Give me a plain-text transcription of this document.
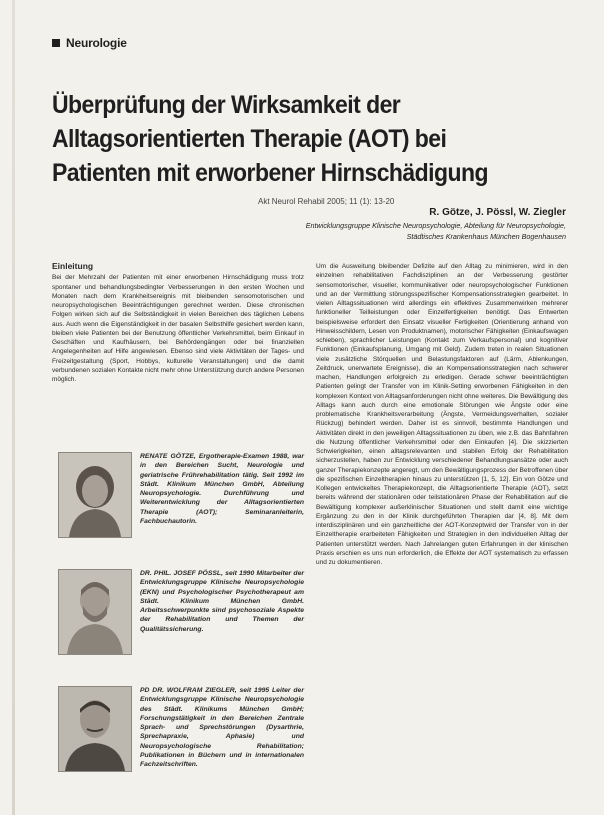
Neurologie
Überprüfung der Wirksamkeit der Alltagsorientierten Therapie (AOT) bei Patienten mit erworbener Hirnschädigung
Akt Neurol Rehabil 2005; 11 (1): 13-20
R. Götze, J. Pössl, W. Ziegler
Entwicklungsgruppe Klinische Neuropsychologie, Abteilung für Neuropsychologie,
Städtisches Krankenhaus München Bogenhausen
Einleitung

Bei der Mehrzahl der Patienten mit einer erworbenen Hirnschädigung muss trotz spontaner und behandlungsbedingter Verbesserungen in den ersten Wochen und Monaten nach dem Krankheitsereignis mit bleibenden sensomotorischen und neuropsychologischen Beeinträchtigungen gerechnet werden. Diese chronischen Folgen wirken sich auf die Selbständigkeit in vielen Bereichen des täglichen Lebens aus. Auch wenn die Eigenständigkeit in der basalen Selbsthilfe gesichert werden kann, bleiben viele Patienten bei der Benutzung öffentlicher Verkehrsmittel, beim Einkauf in Geschäften und Kaufhäusern, bei Behördengängen oder bei finanziellen Angelegenheiten auf Hilfe angewiesen. Ebenso sind viele Aktivitäten der Tages- und Freizeitgestaltung (Sport, Hobbys, kulturelle Veranstaltungen) und die damit verbundenen sozialen Kontakte nicht mehr ohne Unterstützung durch andere Personen möglich.

Um die Ausweitung bleibender Defizite auf den Alltag zu minimieren, wird in den einzelnen rehabilitativen Fachdisziplinen an der Verbesserung gestörter sensomotorischer, visueller, kommunikativer oder neuropsychologischer Funktionen und an der Vermittlung störungsspezifischer Kompensationsstrategien gearbeitet. In vielen Alltagssituationen wird allerdings ein effektives Zusammenwirken mehrerer funktioneller Teilleistungen oder Einzelfertigkeiten benötigt. Das Entwerten beispielsweise erfordert den Einsatz visueller Fertigkeiten (Orientierung anhand von Hinweisschildern, Lesen von Produktnamen), motorischer Fähigkeiten (Einkaufswagen schieben), sprachlicher Leistungen (Kontakt zum Verkaufspersonal) und kognitiver Funktionen (Einkaufsplanung, Umgang mit Geld). Zudem treten in realen Situationen viele zusätzliche Störquellen und Belastungsfaktoren auf (Lärm, Ablenkungen, Zeitdruck, unerwartete Ereignisse), die an Kompensationsstrategien nach schwerer machen, Handlungen erfolgreich zu erledigen. Gerade schwer beeinträchtigten Patienten gelingt der Transfer von im Klinik-Setting erworbenen Fähigkeiten in den komplexen Kontext von Alltagsanforderungen nicht ohne weiteres. Die Bewältigung des Alltags kann auch durch eine emotionale Störungen wie Ängste oder eine problematische Krankheitsverarbeitung (Ängste, Vermeidungsverhalten, sozialer Rückzug) behindert werden. Daher ist es sinnvoll, bestimmte Handlungen und Aktivitäten direkt in den jeweiligen Alltagssituationen zu üben, wie z.B. das Bahnfahren die Nutzung öffentlicher Verkehrsmittel oder den Einkaufen [4]. Die skizzierten Schwierigkeiten, einen alltagsrelevanten und stabilen Erfolg der Rehabilitation sicherzustellen, haben zur Entwicklung verschiedener Behandlungsansätze oder auch ganzer Therapiekonzepte angeregt, um den Bewältigungsprozess der Betroffenen über die spezifischen Einzeltherapien hinaus zu unterstützen [1, 5, 12]. Ein von Götze und Kollegen entwickeltes Therapiekonzept, die Alltagsorientierte Therapie (AOT), setzt bereits während der stationären oder teilstationären Phase der Rehabilitation auf die Bewältigung komplexer außerklinischer Situationen und stellt damit eine wichtige Ergänzung zu den in der Klinik durchgeführten Therapien dar [4, 8]. Mit dem interdisziplinären und ein ganzheitliche der AOT-Konzeptwird der Transfer von in der Einzeltherapie erarbeiteten Fähigkeiten und Strategien in den individuellen Alltag der Patienten unterstützt werden. Nach Jahrelangen guten Erfahrungen in der klinischen Praxis erschien es uns nun erforderlich, die Effekte der AOT systematisch zu erfassen und zu dokumentieren.

RENATE GÖTZE, Ergotherapie-Examen 1988, war in den Bereichen Sucht, Neurologie und geriatrische Frührehabilitation tätig. Seit 1992 im Städt. Klinikum München GmbH, Abteilung Neuropsychologie. Durchführung und Weiterentwicklung der Alltagsorientierten Therapie (AOT); Seminaranleiterin, Fachbuchautorin.
DR. PHIL. JOSEF PÖSSL, seit 1990 Mitarbeiter der Entwicklungsgruppe Klinische Neuropsychologie (EKN) und Psychologischer Psychotherapeut am Städt. Klinikum München GmbH. Arbeitsschwerpunkte sind psychosoziale Aspekte der Rehabilitation und Themen der Qualitätssicherung.
PD DR. WOLFRAM ZIEGLER, seit 1995 Leiter der Entwicklungsgruppe Klinische Neuropsychologie des Städt. Klinikums München GmbH; Forschungstätigkeit in den Bereichen Zentrale Sprach- und Sprechstörungen (Dysarthrie, Sprechapraxie, Aphasie) und Neuropsychologische Rehabilitation; Publikationen in Büchern und in internationalen Fachzeitschriften.
